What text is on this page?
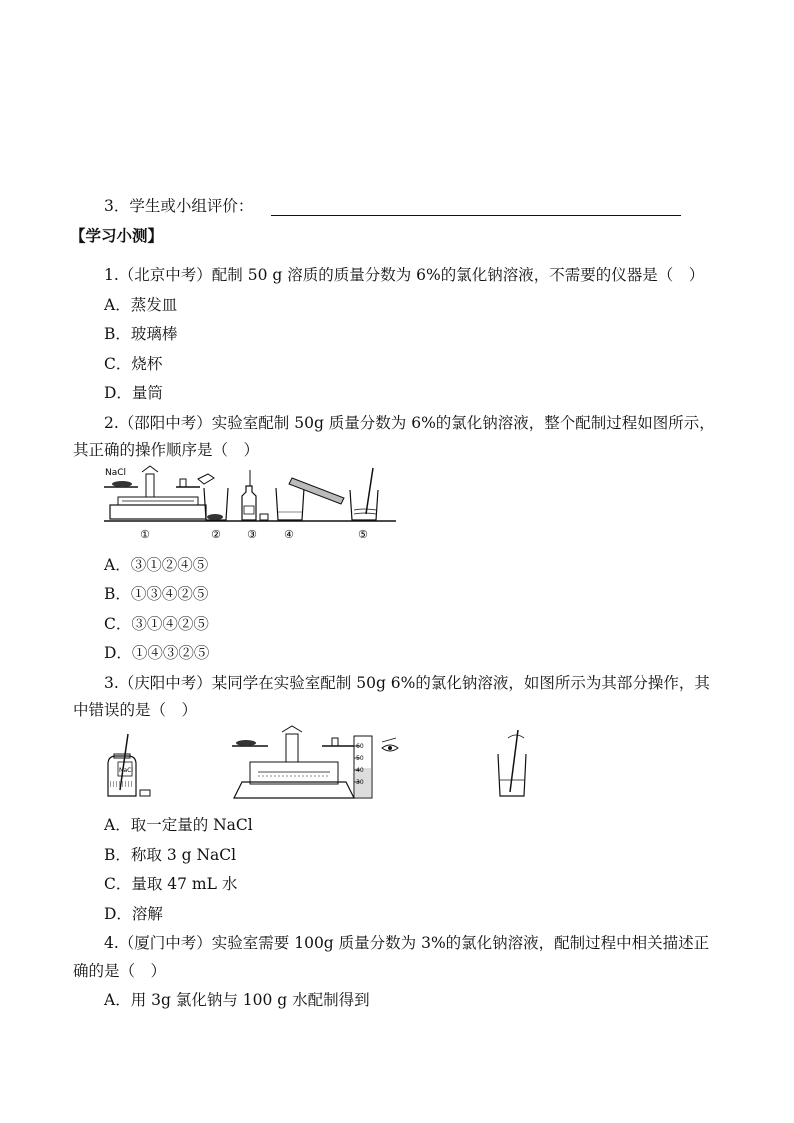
3．学生或小组评价：
【学习小测】
1.（北京中考）配制 50 g 溶质的质量分数为 6%的氯化钠溶液，不需要的仪器是（　）
A．蒸发皿
B．玻璃棒
C．烧杯
D．量筒
2.（邵阳中考）实验室配制 50g 质量分数为 6%的氯化钠溶液，整个配制过程如图所示，
其正确的操作顺序是（　）
NaCl
①	② ③ ④	⑤
A．③①②④⑤
B．①③④②⑤
C．③①④②⑤
D．①④③②⑤
3.（庆阳中考）某同学在实验室配制 50g 6%的氯化钠溶液，如图所示为其部分操作，其
中错误的是（　）
NaCl
60
50
40
30
A．取一定量的 NaCl
B．称取 3 g NaCl
C．量取 47 mL 水
D．溶解
4.（厦门中考）实验室需要 100g 质量分数为 3%的氯化钠溶液，配制过程中相关描述正
确的是（　）
A．用 3g 氯化钠与 100 g 水配制得到
